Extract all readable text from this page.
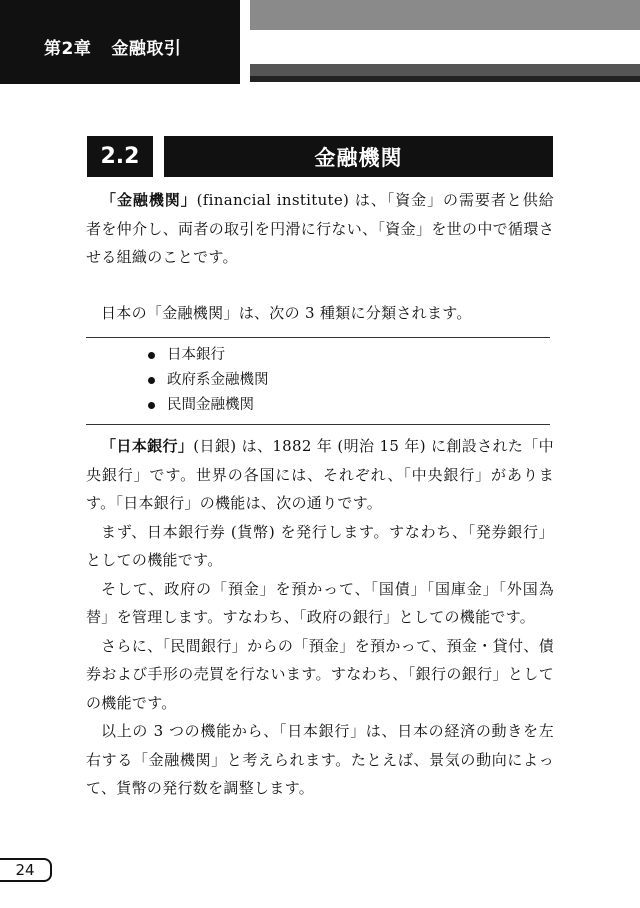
第2章 金融取引
2.2	金融機関

「金融機関」(financial institute) は、「資金」の需要者と供給者を仲介し、両者の取引を円滑に行ない、「資金」を世の中で循環させる組織のことです。

日本の「金融機関」は、次の 3 種類に分類されます。

日本銀行
政府系金融機関
民間金融機関

「日本銀行」(日銀) は、1882 年 (明治 15 年) に創設された「中央銀行」です。世界の各国には、それぞれ、「中央銀行」があります。「日本銀行」の機能は、次の通りです。

まず、日本銀行券 (貨幣) を発行します。すなわち、「発券銀行」としての機能です。

そして、政府の「預金」を預かって、「国債」「国庫金」「外国為替」を管理します。すなわち、「政府の銀行」としての機能です。

さらに、「民間銀行」からの「預金」を預かって、預金・貸付、債券および手形の売買を行ないます。すなわち、「銀行の銀行」としての機能です。

以上の 3 つの機能から、「日本銀行」は、日本の経済の動きを左右する「金融機関」と考えられます。たとえば、景気の動向によって、貨幣の発行数を調整します。

24
